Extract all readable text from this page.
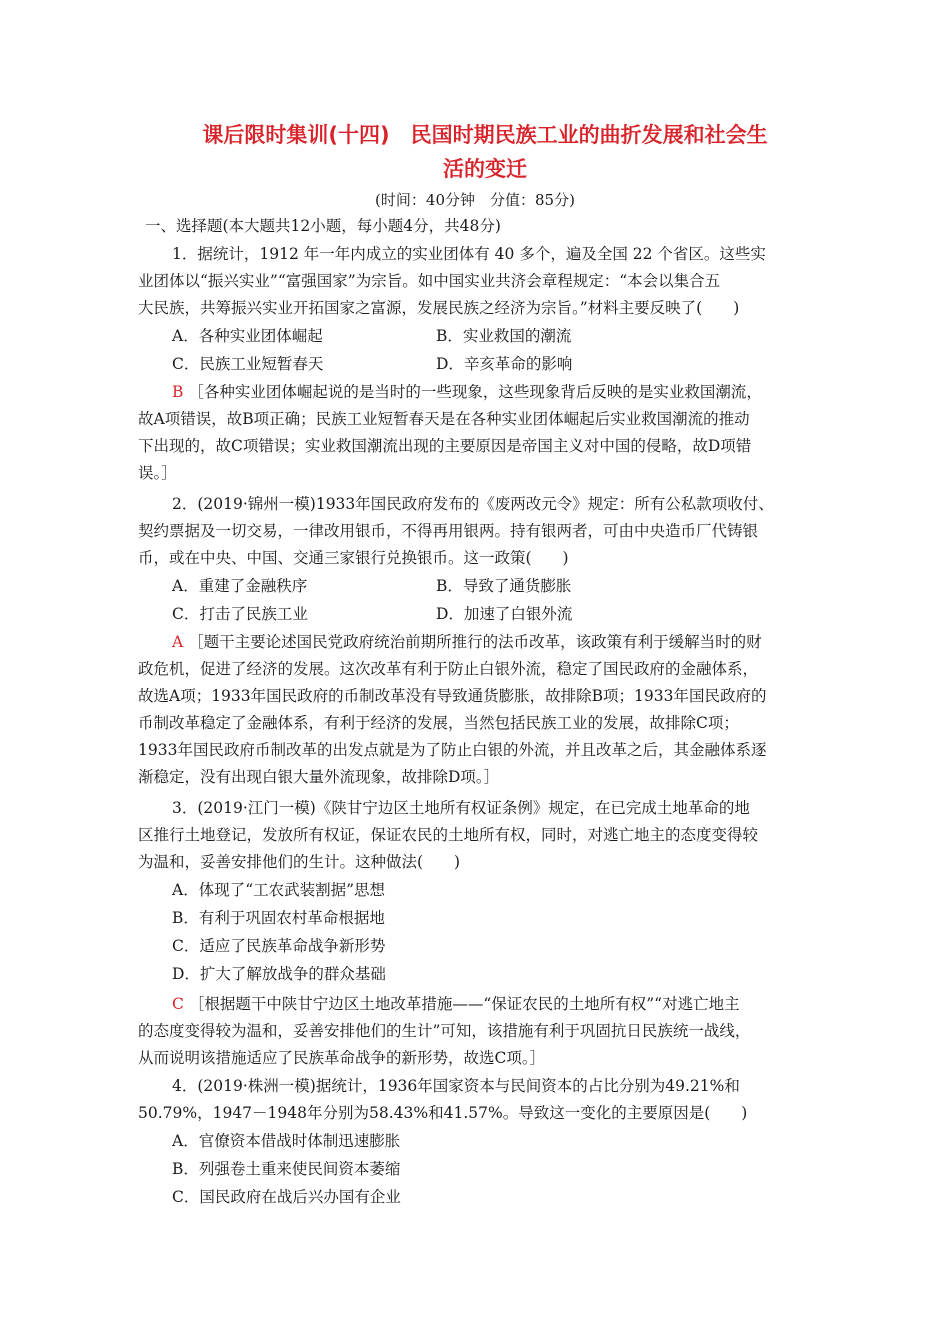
课后限时集训(十四)　民国时期民族工业的曲折发展和社会生
活的变迁
(时间：40分钟　分值：85分)
一、选择题(本大题共12小题，每小题4分，共48分)
1．据统计，1912 年一年内成立的实业团体有 40 多个，遍及全国 22 个省区。这些实
业团体以“振兴实业”“富强国家”为宗旨。如中国实业共济会章程规定：“本会以集合五
大民族，共筹振兴实业开拓国家之富源，发展民族之经济为宗旨。”材料主要反映了(　　)
A．各种实业团体崛起	B．实业救国的潮流
C．民族工业短暂春天	D．辛亥革命的影响
B ［各种实业团体崛起说的是当时的一些现象，这些现象背后反映的是实业救国潮流，
故A项错误，故B项正确；民族工业短暂春天是在各种实业团体崛起后实业救国潮流的推动
下出现的，故C项错误；实业救国潮流出现的主要原因是帝国主义对中国的侵略，故D项错
误。］
2．(2019·锦州一模)1933年国民政府发布的《废两改元令》规定：所有公私款项收付、
契约票据及一切交易，一律改用银币，不得再用银两。持有银两者，可由中央造币厂代铸银
币，或在中央、中国、交通三家银行兑换银币。这一政策(　　)
A．重建了金融秩序	B．导致了通货膨胀
C．打击了民族工业	D．加速了白银外流
A ［题干主要论述国民党政府统治前期所推行的法币改革，该政策有利于缓解当时的财
政危机，促进了经济的发展。这次改革有利于防止白银外流，稳定了国民政府的金融体系，
故选A项；1933年国民政府的币制改革没有导致通货膨胀，故排除B项；1933年国民政府的
币制改革稳定了金融体系，有利于经济的发展，当然包括民族工业的发展，故排除C项；
1933年国民政府币制改革的出发点就是为了防止白银的外流，并且改革之后，其金融体系逐
渐稳定，没有出现白银大量外流现象，故排除D项。］
3．(2019·江门一模)《陕甘宁边区土地所有权证条例》规定，在已完成土地革命的地
区推行土地登记，发放所有权证，保证农民的土地所有权，同时，对逃亡地主的态度变得较
为温和，妥善安排他们的生计。这种做法(　　)
A．体现了“工农武装割据”思想
B．有利于巩固农村革命根据地
C．适应了民族革命战争新形势
D．扩大了解放战争的群众基础
C ［根据题干中陕甘宁边区土地改革措施——“保证农民的土地所有权”“对逃亡地主
的态度变得较为温和，妥善安排他们的生计”可知，该措施有利于巩固抗日民族统一战线，
从而说明该措施适应了民族革命战争的新形势，故选C项。］
4．(2019·株洲一模)据统计，1936年国家资本与民间资本的占比分别为49.21%和
50.79%，1947－1948年分别为58.43%和41.57%。导致这一变化的主要原因是(　　)
A．官僚资本借战时体制迅速膨胀
B．列强卷土重来使民间资本萎缩
C．国民政府在战后兴办国有企业
